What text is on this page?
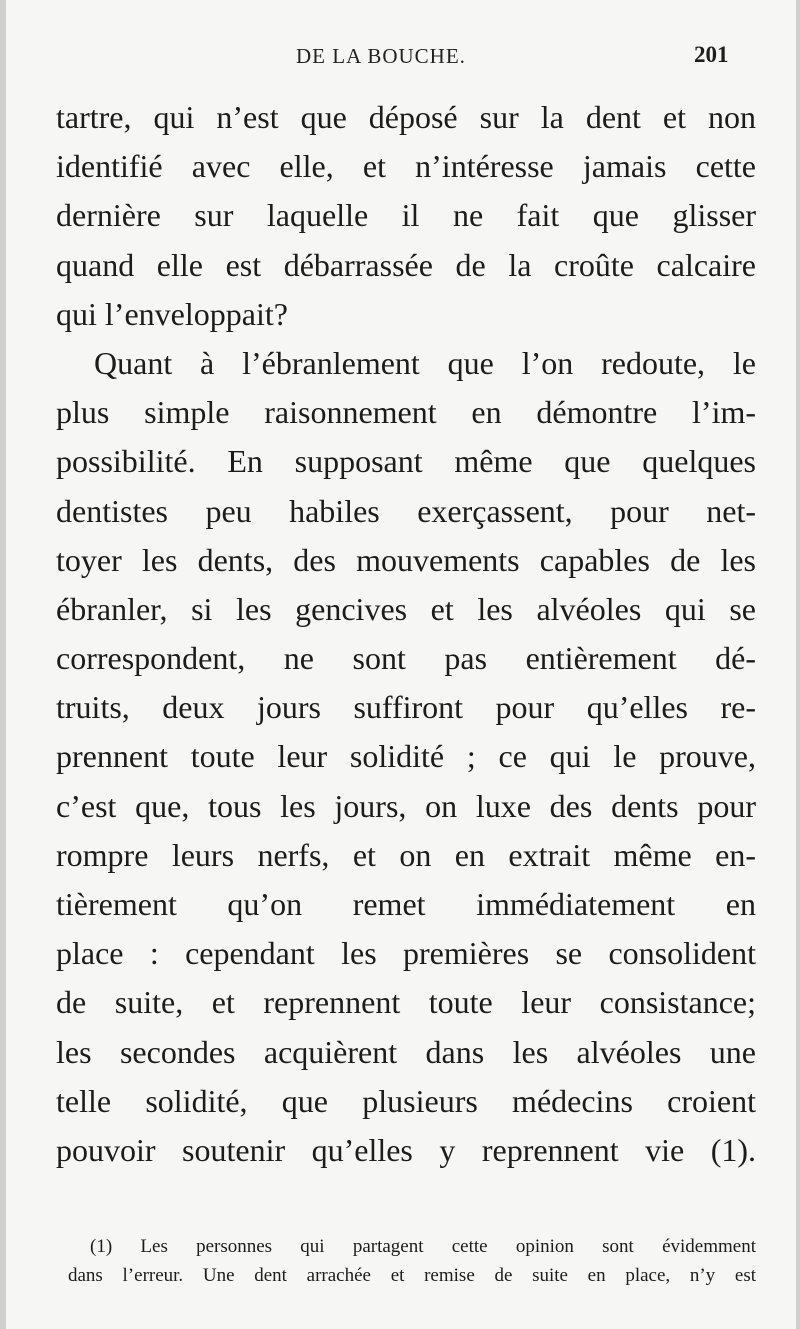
DE LA BOUCHE.	201
tartre, qui n’est que déposé sur la dent et non
identifié avec elle, et n’intéresse jamais cette
dernière sur laquelle il ne fait que glisser
quand elle est débarrassée de la croûte calcaire
qui l’enveloppait?
Quant à l’ébranlement que l’on redoute, le
plus simple raisonnement en démontre l’im-
possibilité. En supposant même que quelques
dentistes peu habiles exerçassent, pour net-
toyer les dents, des mouvements capables de les
ébranler, si les gencives et les alvéoles qui se
correspondent, ne sont pas entièrement dé-
truits, deux jours suffiront pour qu’elles re-
prennent toute leur solidité ; ce qui le prouve,
c’est que, tous les jours, on luxe des dents pour
rompre leurs nerfs, et on en extrait même en-
tièrement qu’on remet immédiatement en
place : cependant les premières se consolident
de suite, et reprennent toute leur consistance;
les secondes acquièrent dans les alvéoles une
telle solidité, que plusieurs médecins croient
pouvoir soutenir qu’elles y reprennent vie (1).
(1) Les personnes qui partagent cette opinion sont évidemment
dans l’erreur. Une dent arrachée et remise de suite en place, n’y est
